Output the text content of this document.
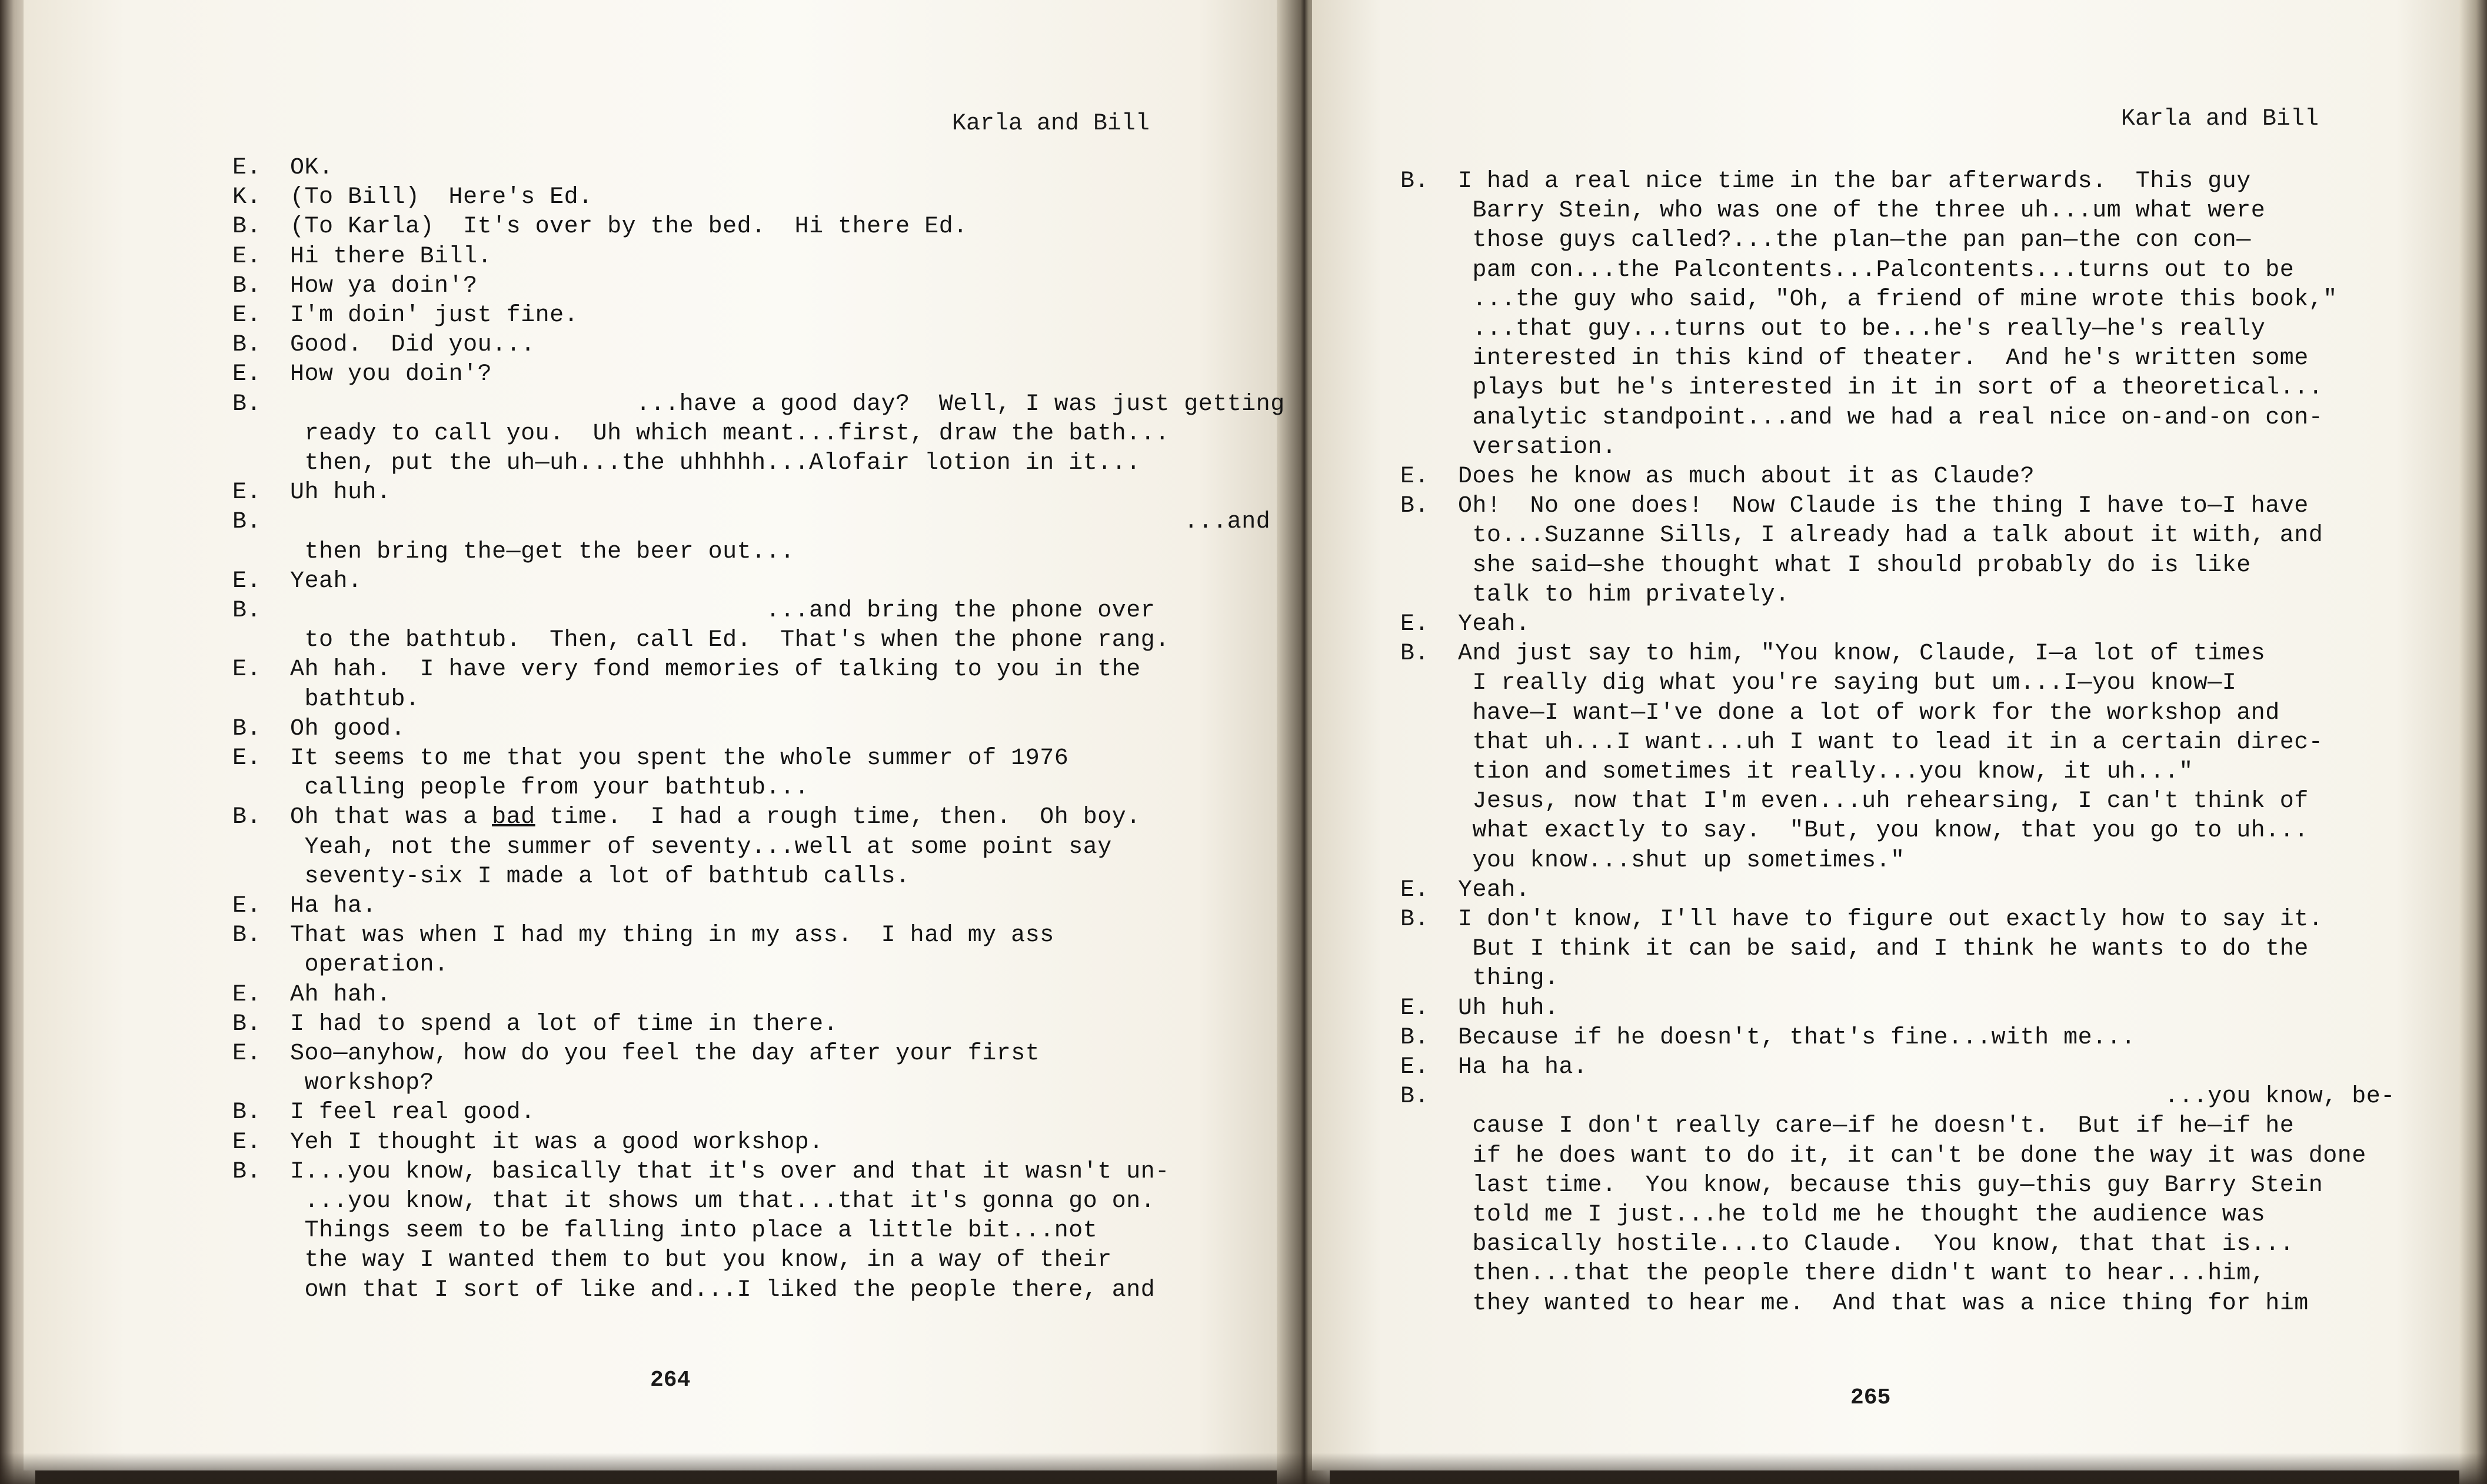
Karla and Bill
E.  OK.
K.  (To Bill)  Here's Ed.
B.  (To Karla)  It's over by the bed.  Hi there Ed.
E.  Hi there Bill.
B.  How ya doin'?
E.  I'm doin' just fine.
B.  Good.  Did you...
E.  How you doin'?
B.                          ...have a good day?  Well, I was just getting
ready to call you.  Uh which meant...first, draw the bath...
then, put the uh—uh...the uhhhhh...Alofair lotion in it...
E.  Uh huh.
B.                                                                ...and
then bring the—get the beer out...
E.  Yeah.
B.                                   ...and bring the phone over
to the bathtub.  Then, call Ed.  That's when the phone rang.
E.  Ah hah.  I have very fond memories of talking to you in the
bathtub.
B.  Oh good.
E.  It seems to me that you spent the whole summer of 1976
calling people from your bathtub...
B.  Oh that was a bad time.  I had a rough time, then.  Oh boy.
Yeah, not the summer of seventy...well at some point say
seventy-six I made a lot of bathtub calls.
E.  Ha ha.
B.  That was when I had my thing in my ass.  I had my ass
operation.
E.  Ah hah.
B.  I had to spend a lot of time in there.
E.  Soo—anyhow, how do you feel the day after your first
workshop?
B.  I feel real good.
E.  Yeh I thought it was a good workshop.
B.  I...you know, basically that it's over and that it wasn't un-
...you know, that it shows um that...that it's gonna go on.
Things seem to be falling into place a little bit...not
the way I wanted them to but you know, in a way of their
own that I sort of like and...I liked the people there, and
264
Karla and Bill
B.  I had a real nice time in the bar afterwards.  This guy
Barry Stein, who was one of the three uh...um what were
those guys called?...the plan—the pan pan—the con con—
pam con...the Palcontents...Palcontents...turns out to be
...the guy who said, "Oh, a friend of mine wrote this book,"
...that guy...turns out to be...he's really—he's really
interested in this kind of theater.  And he's written some
plays but he's interested in it in sort of a theoretical...
analytic standpoint...and we had a real nice on-and-on con-
versation.
E.  Does he know as much about it as Claude?
B.  Oh!  No one does!  Now Claude is the thing I have to—I have
to...Suzanne Sills, I already had a talk about it with, and
she said—she thought what I should probably do is like
talk to him privately.
E.  Yeah.
B.  And just say to him, "You know, Claude, I—a lot of times
I really dig what you're saying but um...I—you know—I
have—I want—I've done a lot of work for the workshop and
that uh...I want...uh I want to lead it in a certain direc-
tion and sometimes it really...you know, it uh..."
Jesus, now that I'm even...uh rehearsing, I can't think of
what exactly to say.  "But, you know, that you go to uh...
you know...shut up sometimes."
E.  Yeah.
B.  I don't know, I'll have to figure out exactly how to say it.
But I think it can be said, and I think he wants to do the
thing.
E.  Uh huh.
B.  Because if he doesn't, that's fine...with me...
E.  Ha ha ha.
B.                                                   ...you know, be-
cause I don't really care—if he doesn't.  But if he—if he
if he does want to do it, it can't be done the way it was done
last time.  You know, because this guy—this guy Barry Stein
told me I just...he told me he thought the audience was
basically hostile...to Claude.  You know, that that is...
then...that the people there didn't want to hear...him,
they wanted to hear me.  And that was a nice thing for him
265
